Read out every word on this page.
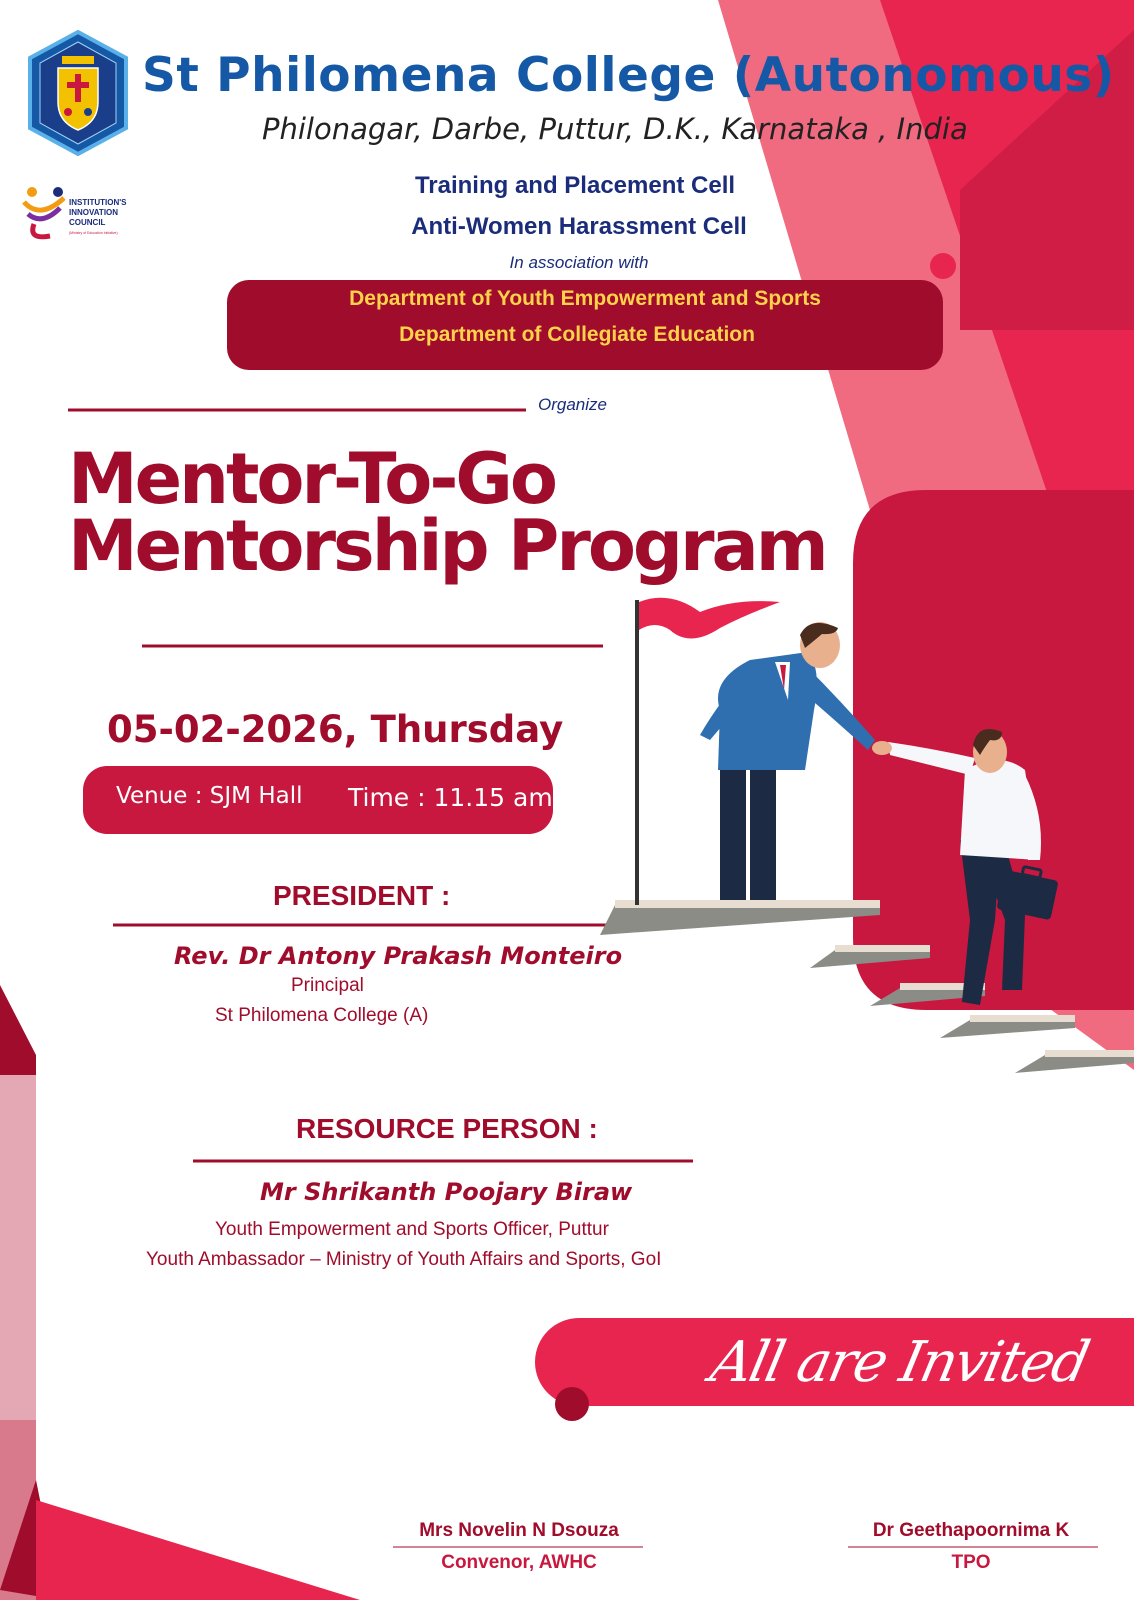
INSTITUTION'S
INNOVATION
COUNCIL
(Ministry of Education Initiative)
St Philomena College (Autonomous)
Philonagar, Darbe, Puttur, D.K., Karnataka , India
Training and Placement Cell
Anti-Women Harassment Cell
In association with
Department of Youth Empowerment and Sports
Department of Collegiate Education
Organize
Mentor-To-Go
Mentorship Program
05-02-2026, Thursday
Venue : SJM Hall Time : 11.15 am
PRESIDENT :
Rev. Dr Antony Prakash Monteiro
Principal
St Philomena College (A)
RESOURCE PERSON :
Mr Shrikanth Poojary Biraw
Youth Empowerment and Sports Officer, Puttur
Youth Ambassador – Ministry of Youth Affairs and Sports, GoI
All are Invited
Mrs Novelin N Dsouza
Convenor, AWHC
Dr Geethapoornima K
TPO
